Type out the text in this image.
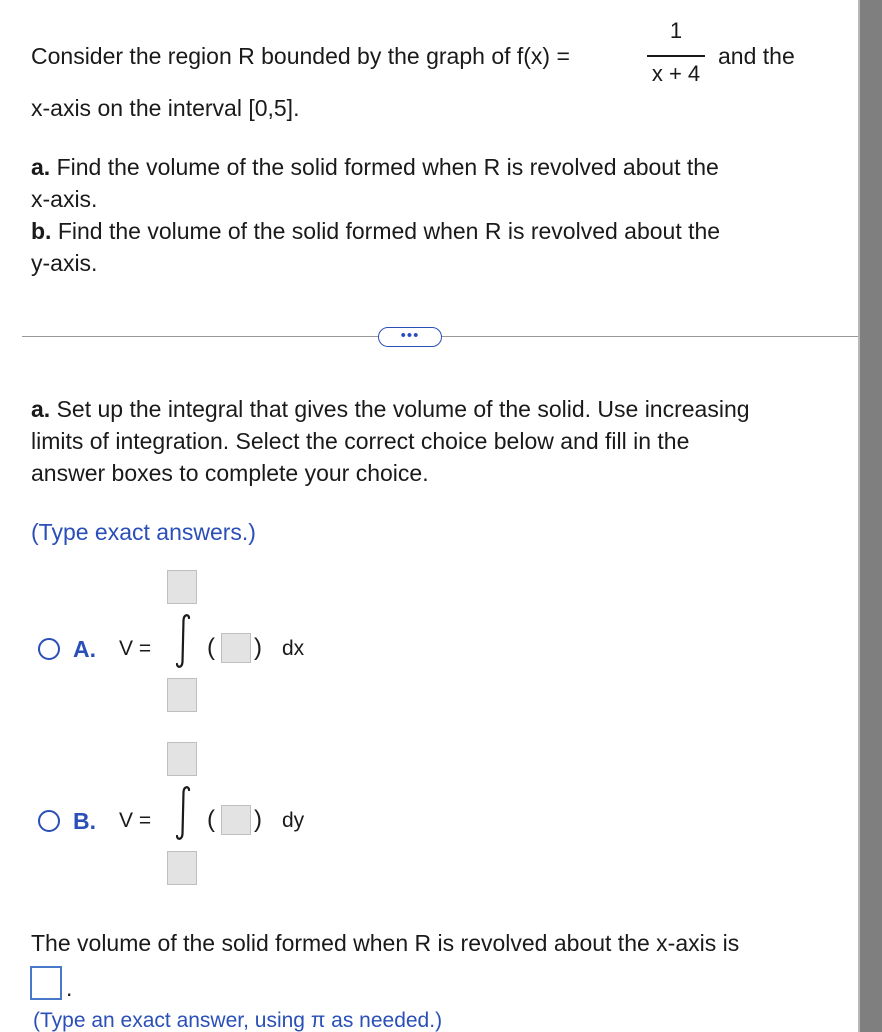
Consider the region R bounded by the graph of f(x) =
1
x + 4
and the
x-axis on the interval [0,5].
a. Find the volume of the solid formed when R is revolved about the
x-axis.
b. Find the volume of the solid formed when R is revolved about the
y-axis.
•••
a. Set up the integral that gives the volume of the solid. Use increasing
limits of integration. Select the correct choice below and fill in the
answer boxes to complete your choice.
(Type exact answers.)
A. V = ( ) dx
B. V = ( ) dy
The volume of the solid formed when R is revolved about the x-axis is
.
(Type an exact answer, using π as needed.)
